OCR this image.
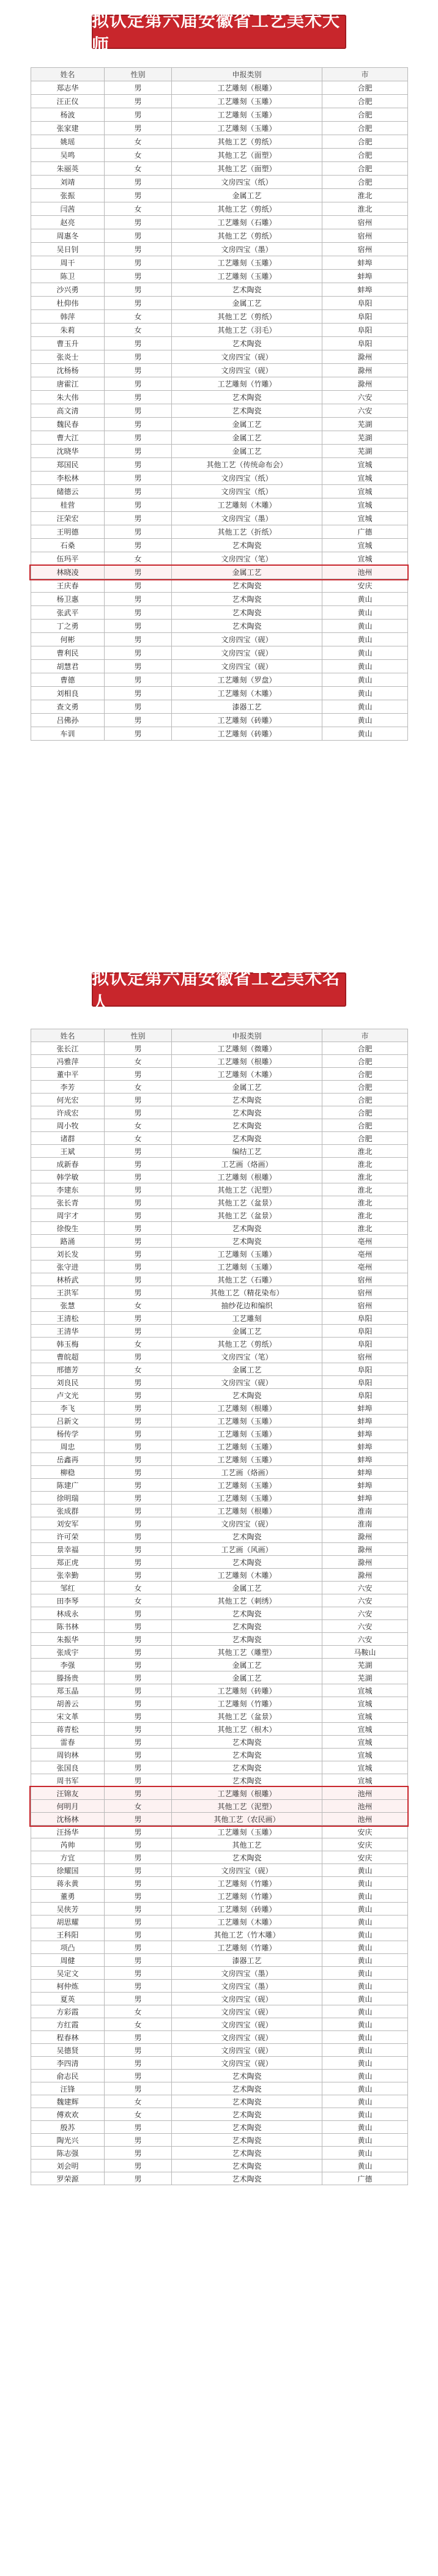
拟认定第六届安徽省工艺美术大师
姓名	性别	申报类别	市
郑志华	男	工艺雕刻（根雕）	合肥
汪正仪	男	工艺雕刻（玉雕）	合肥
杨波	男	工艺雕刻（玉雕）	合肥
张家建	男	工艺雕刻（玉雕）	合肥
姚瑶	女	其他工艺（剪纸）	合肥
吴鸣	女	其他工艺（面塑）	合肥
朱丽英	女	其他工艺（面塑）	合肥
刘靖	男	文房四宝（纸）	合肥
张振	男	金属工艺	淮北
闫茜	女	其他工艺（剪纸）	淮北
赵亮	男	工艺雕刻（石雕）	宿州
周惠冬	男	其他工艺（剪纸）	宿州
吴日钊	男	文房四宝（墨）	宿州
周干	男	工艺雕刻（玉雕）	蚌埠
陈卫	男	工艺雕刻（玉雕）	蚌埠
沙兴勇	男	艺术陶瓷	蚌埠
杜仰伟	男	金属工艺	阜阳
韩萍	女	其他工艺（剪纸）	阜阳
朱莉	女	其他工艺（羽毛）	阜阳
曹玉升	男	艺术陶瓷	阜阳
张炎士	男	文房四宝（砚）	滁州
沈杨杨	男	文房四宝（砚）	滁州
唐霍江	男	工艺雕刻（竹雕）	滁州
朱大伟	男	艺术陶瓷	六安
高文清	男	艺术陶瓷	六安
魏民春	男	金属工艺	芜湖
曹大江	男	金属工艺	芜湖
沈晓华	男	金属工艺	芜湖
郑国民	男	其他工艺（传统命布会）	宣城
李松林	男	文房四宝（纸）	宣城
储德云	男	文房四宝（纸）	宣城
桂营	男	工艺雕刻（木雕）	宣城
汪荣宏	男	文房四宝（墨）	宣城
王明德	男	其他工艺（折纸）	广德
石桑	男	艺术陶瓷	宣城
伍玛平	女	文房四宝（笔）	宣城
林晓凌	男	金属工艺	池州
王庆春	男	艺术陶瓷	安庆
杨卫惠	男	艺术陶瓷	黄山
张武平	男	艺术陶瓷	黄山
丁之勇	男	艺术陶瓷	黄山
何彬	男	文房四宝（砚）	黄山
曹利民	男	文房四宝（砚）	黄山
胡慧君	男	文房四宝（砚）	黄山
曹德	男	工艺雕刻（罗盘）	黄山
刘相良	男	工艺雕刻（木雕）	黄山
查文勇	男	漆器工艺	黄山
吕佛孙	男	工艺雕刻（砖雕）	黄山
车训	男	工艺雕刻（砖雕）	黄山
拟认定第六届安徽省工艺美术名人
姓名	性别	申报类别	市
张长江	男	工艺雕刻（微雕）	合肥
冯雅萍	女	工艺雕刻（根雕）	合肥
董中平	男	工艺雕刻（木雕）	合肥
李芳	女	金属工艺	合肥
何光宏	男	艺术陶瓷	合肥
许成宏	男	艺术陶瓷	合肥
周小牧	女	艺术陶瓷	合肥
诸群	女	艺术陶瓷	合肥
王斌	男	编结工艺	淮北
成新春	男	工艺画（烙画）	淮北
韩学敏	男	工艺雕刻（根雕）	淮北
李建东	男	其他工艺（泥塑）	淮北
张长青	男	其他工艺（盆景）	淮北
周宇才	男	其他工艺（盆景）	淮北
徐俊生	男	艺术陶瓷	淮北
路涌	男	艺术陶瓷	亳州
刘长发	男	工艺雕刻（玉雕）	亳州
张守进	男	工艺雕刻（玉雕）	亳州
林桥武	男	其他工艺（石雕）	宿州
王洪军	男	其他工艺（精花染布）	宿州
张慧	女	抽纱花边和编织	宿州
王清松	男	工艺雕刻	阜阳
王清华	男	金属工艺	阜阳
韩玉梅	女	其他工艺（剪纸）	阜阳
曹皖超	男	文房四宝（笔）	宿州
邢德芳	女	金属工艺	阜阳
刘良民	男	文房四宝（砚）	阜阳
卢文光	男	艺术陶瓷	阜阳
李飞	男	工艺雕刻（根雕）	蚌埠
吕新文	男	工艺雕刻（玉雕）	蚌埠
杨传学	男	工艺雕刻（玉雕）	蚌埠
周忠	男	工艺雕刻（玉雕）	蚌埠
岳鑫再	男	工艺雕刻（玉雕）	蚌埠
柳稳	男	工艺画（烙画）	蚌埠
陈建广	男	工艺雕刻（玉雕）	蚌埠
徐明瑞	男	工艺雕刻（玉雕）	蚌埠
张成群	男	工艺雕刻（根雕）	淮南
刘安军	男	文房四宝（砚）	淮南
许可荣	男	艺术陶瓷	滁州
景幸福	男	工艺画（风画）	滁州
郑正虎	男	艺术陶瓷	滁州
张幸勤	男	工艺雕刻（木雕）	滁州
邹红	女	金属工艺	六安
田李琴	女	其他工艺（刺绣）	六安
林成永	男	艺术陶瓷	六安
陈书林	男	艺术陶瓷	六安
朱振华	男	艺术陶瓷	六安
张成宇	男	其他工艺（雕塑）	马鞍山
李强	男	金属工艺	芜湖
滕扬贵	男	金属工艺	芜湖
郑玉晶	男	工艺雕刻（砖雕）	宣城
胡善云	男	工艺雕刻（竹雕）	宣城
宋文革	男	其他工艺（盆景）	宣城
蒋青松	男	其他工艺（根木）	宣城
雷春	男	艺术陶瓷	宣城
周钧林	男	艺术陶瓷	宣城
张国良	男	艺术陶瓷	宣城
周书军	男	艺术陶瓷	宣城
汪锦友	男	工艺雕刻（根雕）	池州
何明月	女	其他工艺（泥塑）	池州
沈杨林	男	其他工艺（农民画）	池州
汪扬华	男	工艺雕刻（玉雕）	安庆
芮帅	男	其他工艺	安庆
方宜	男	艺术陶瓷	安庆
徐耀国	男	文房四宝（砚）	黄山
蒋永黄	男	工艺雕刻（竹雕）	黄山
董勇	男	工艺雕刻（竹雕）	黄山
吴侠芳	男	工艺雕刻（砖雕）	黄山
胡思耀	男	工艺雕刻（木雕）	黄山
王科阳	男	其他工艺（竹木雕）	黄山
项凸	男	工艺雕刻（竹雕）	黄山
周健	男	漆器工艺	黄山
吴定文	男	文房四宝（墨）	黄山
柯仲炼	男	文房四宝（墨）	黄山
夏英	男	文房四宝（砚）	黄山
方彩霞	女	文房四宝（砚）	黄山
方红霞	女	文房四宝（砚）	黄山
程春林	男	文房四宝（砚）	黄山
吴德贤	男	文房四宝（砚）	黄山
李四清	男	文房四宝（砚）	黄山
俞志民	男	艺术陶瓷	黄山
汪锋	男	艺术陶瓷	黄山
魏建辉	女	艺术陶瓷	黄山
傅欢欢	女	艺术陶瓷	黄山
殷苏	男	艺术陶瓷	黄山
陶光兴	男	艺术陶瓷	黄山
陈志强	男	艺术陶瓷	黄山
刘会明	男	艺术陶瓷	黄山
罗荣源	男	艺术陶瓷	广德
